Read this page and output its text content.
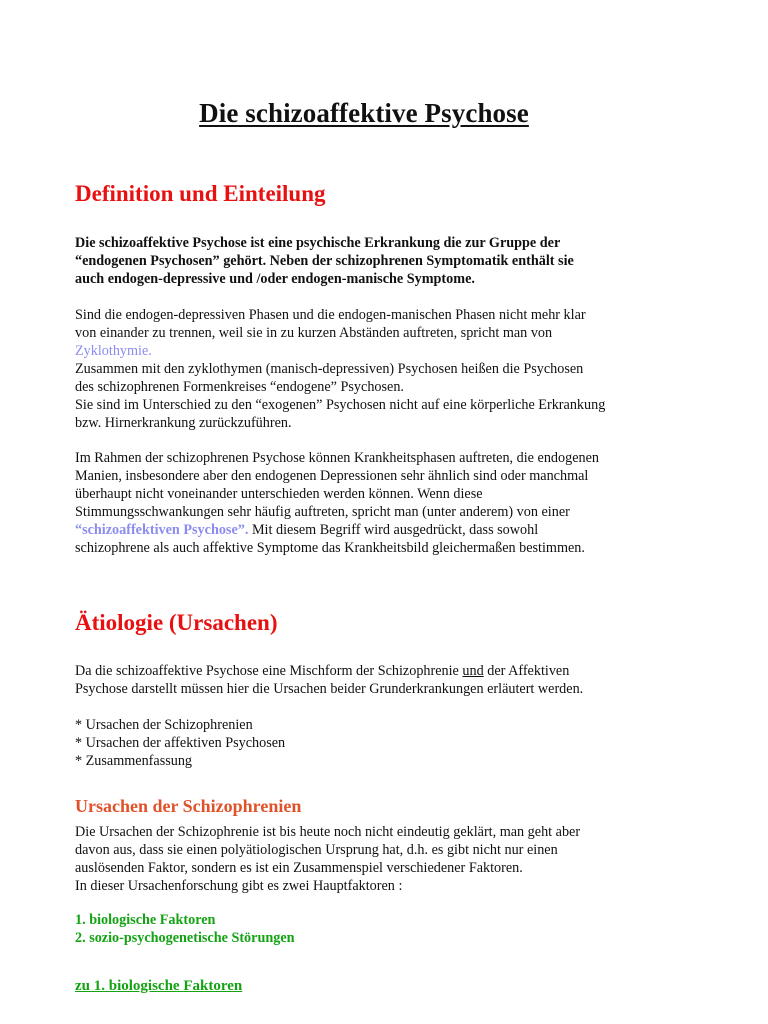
Die schizoaffektive Psychose
Definition und Einteilung
Die schizoaffektive Psychose ist eine psychische Erkrankung die zur Gruppe der
“endogenen Psychosen” gehört. Neben der schizophrenen Symptomatik enthält sie
auch endogen-depressive und /oder endogen-manische Symptome.
Sind die endogen-depressiven Phasen und die endogen-manischen Phasen nicht mehr klar
von einander zu trennen, weil sie in zu kurzen Abständen auftreten, spricht man von
Zyklothymie.
Zusammen mit den zyklothymen (manisch-depressiven) Psychosen heißen die Psychosen
des schizophrenen Formenkreises “endogene” Psychosen.
Sie sind im Unterschied zu den “exogenen” Psychosen nicht auf eine körperliche Erkrankung
bzw. Hirnerkrankung zurückzuführen.
Im Rahmen der schizophrenen Psychose können Krankheitsphasen auftreten, die endogenen
Manien, insbesondere aber den endogenen Depressionen sehr ähnlich sind oder manchmal
überhaupt nicht voneinander unterschieden werden können. Wenn diese
Stimmungsschwankungen sehr häufig auftreten, spricht man (unter anderem) von einer
“schizoaffektiven Psychose”. Mit diesem Begriff wird ausgedrückt, dass sowohl
schizophrene als auch affektive Symptome das Krankheitsbild gleichermaßen bestimmen.
Ätiologie (Ursachen)
Da die schizoaffektive Psychose eine Mischform der Schizophrenie und der Affektiven
Psychose darstellt müssen hier die Ursachen beider Grunderkrankungen erläutert werden.
* Ursachen der Schizophrenien
* Ursachen der affektiven Psychosen
* Zusammenfassung
Ursachen der Schizophrenien
Die Ursachen der Schizophrenie ist bis heute noch nicht eindeutig geklärt, man geht aber
davon aus, dass sie einen polyätiologischen Ursprung hat, d.h. es gibt nicht nur einen
auslösenden Faktor, sondern es ist ein Zusammenspiel verschiedener Faktoren.
In dieser Ursachenforschung gibt es zwei Hauptfaktoren :
1. biologische Faktoren
2. sozio-psychogenetische Störungen
zu 1. biologische Faktoren
